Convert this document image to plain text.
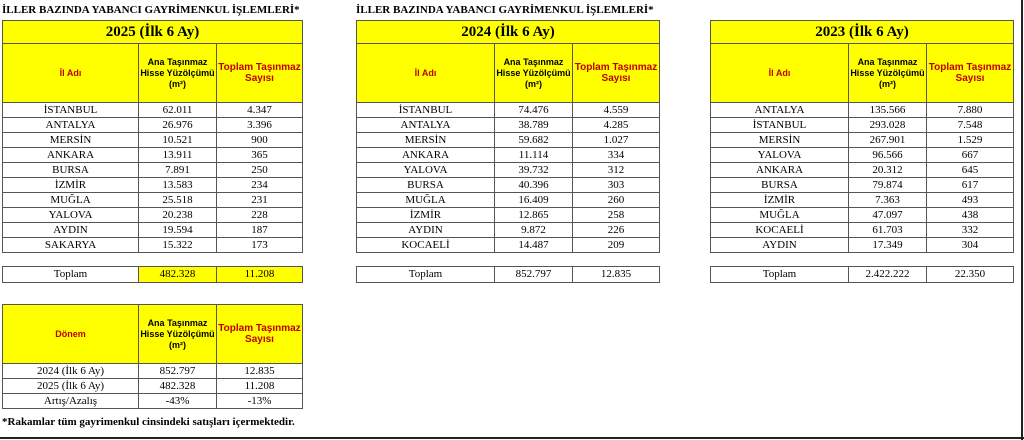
İLLER BAZINDA YABANCI GAYRİMENKUL İŞLEMLERİ*	İLLER BAZINDA YABANCI GAYRİMENKUL İŞLEMLERİ*
2025 (İlk 6 Ay)		
İl Adı	Ana Taşınmaz Hisse Yüzölçümü (m²)	Toplam Taşınmaz Sayısı
İSTANBUL	62.011	4.347
ANTALYA	26.976	3.396
MERSİN	10.521	900
ANKARA	13.911	365
BURSA	7.891	250
İZMİR	13.583	234
MUĞLA	25.518	231
YALOVA	20.238	228
AYDIN	19.594	187
SAKARYA	15.322	173

Toplam	482.328	11.208
2024 (İlk 6 Ay)		
İl Adı	Ana Taşınmaz Hisse Yüzölçümü (m²)	Toplam Taşınmaz Sayısı
İSTANBUL	74.476	4.559
ANTALYA	38.789	4.285
MERSİN	59.682	1.027
ANKARA	11.114	334
YALOVA	39.732	312
BURSA	40.396	303
MUĞLA	16.409	260
İZMİR	12.865	258
AYDIN	9.872	226
KOCAELİ	14.487	209

Toplam	852.797	12.835
2023 (İlk 6 Ay)		
İl Adı	Ana Taşınmaz Hisse Yüzölçümü (m²)	Toplam Taşınmaz Sayısı
ANTALYA	135.566	7.880
İSTANBUL	293.028	7.548
MERSİN	267.901	1.529
YALOVA	96.566	667
ANKARA	20.312	645
BURSA	79.874	617
İZMİR	7.363	493
MUĞLA	47.097	438
KOCAELİ	61.703	332
AYDIN	17.349	304

Toplam	2.422.222	22.350
Dönem	Ana Taşınmaz Hisse Yüzölçümü (m²)	Toplam Taşınmaz Sayısı
2024 (İlk 6 Ay)	852.797	12.835
2025 (İlk 6 Ay)	482.328	11.208
Artış/Azalış	-43%	-13%
*Rakamlar tüm gayrimenkul cinsindeki satışları içermektedir.
